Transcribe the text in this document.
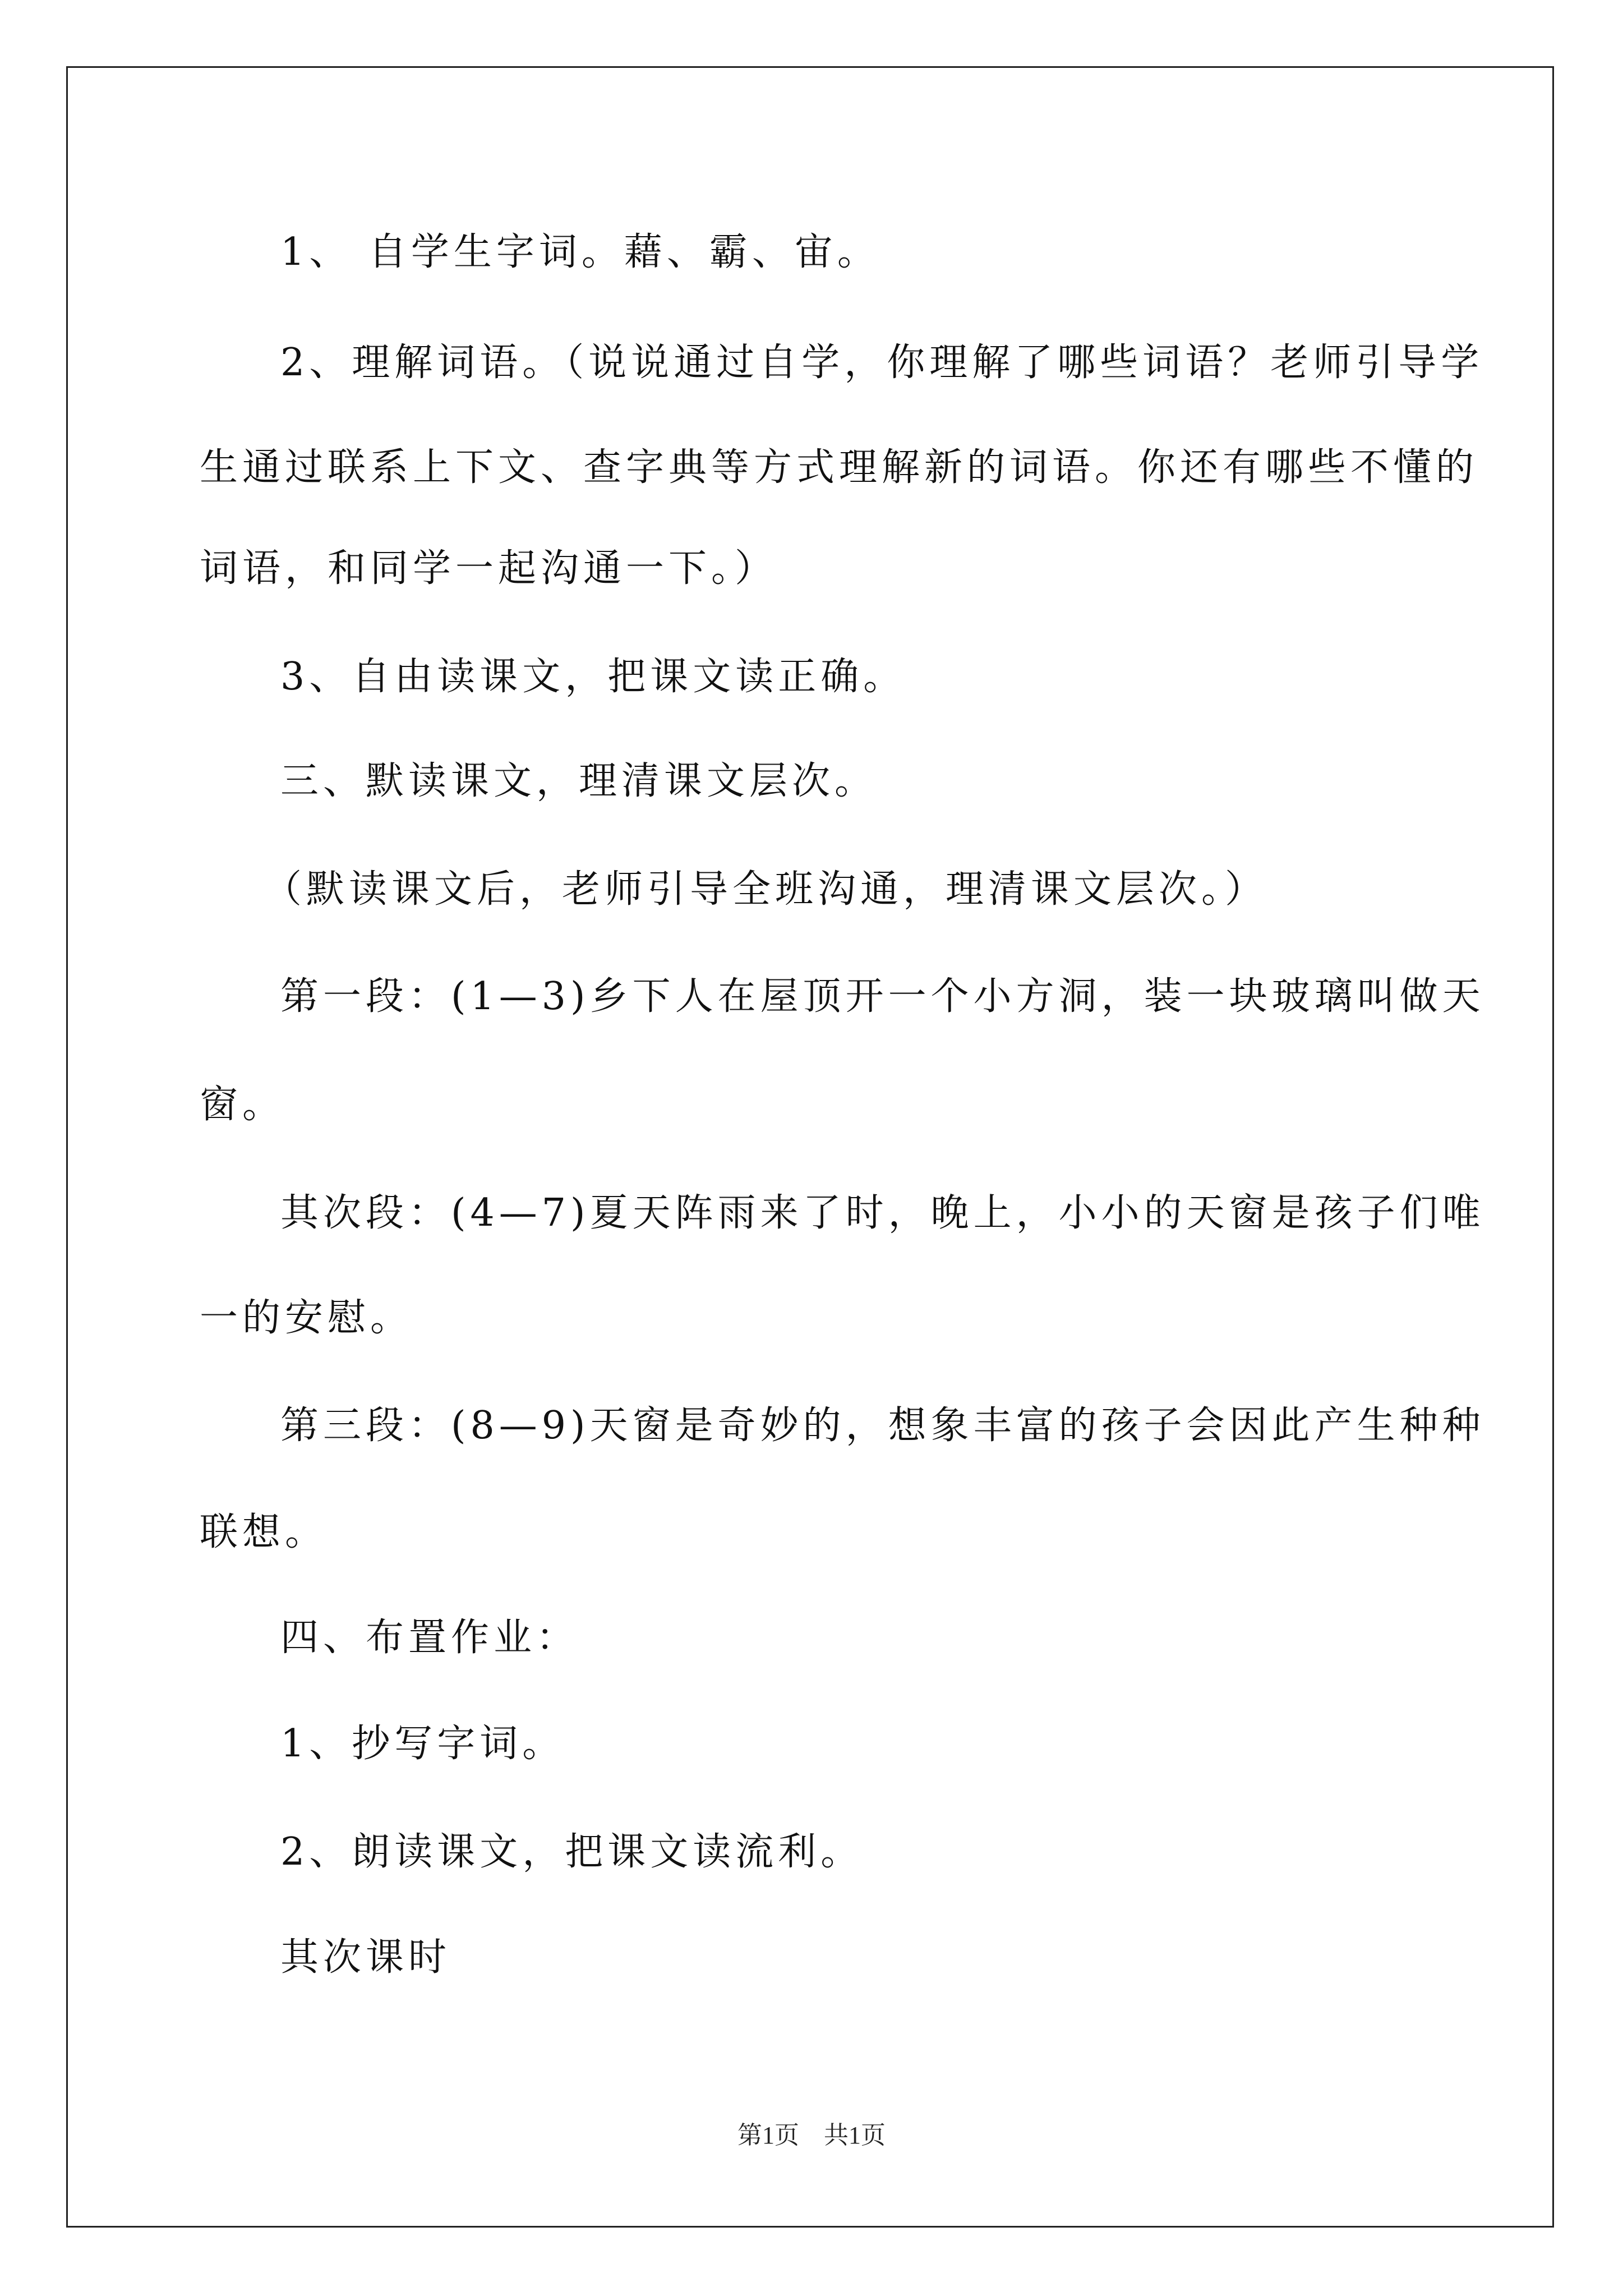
1、 自学生字词。藉、霸、宙。
2、理解词语。（说说通过自学，你理解了哪些词语？老师引导学
生通过联系上下文、查字典等方式理解新的词语。你还有哪些不懂的
词语，和同学一起沟通一下。）
3、自由读课文，把课文读正确。
三、默读课文，理清课文层次。
（默读课文后，老师引导全班沟通，理清课文层次。）
第一段：(1—3)乡下人在屋顶开一个小方洞，装一块玻璃叫做天
窗。
其次段：(4—7)夏天阵雨来了时，晚上，小小的天窗是孩子们唯
一的安慰。
第三段：(8—9)天窗是奇妙的，想象丰富的孩子会因此产生种种
联想。
四、布置作业：
1、抄写字词。
2、朗读课文，把课文读流利。
其次课时
第1页　共1页
